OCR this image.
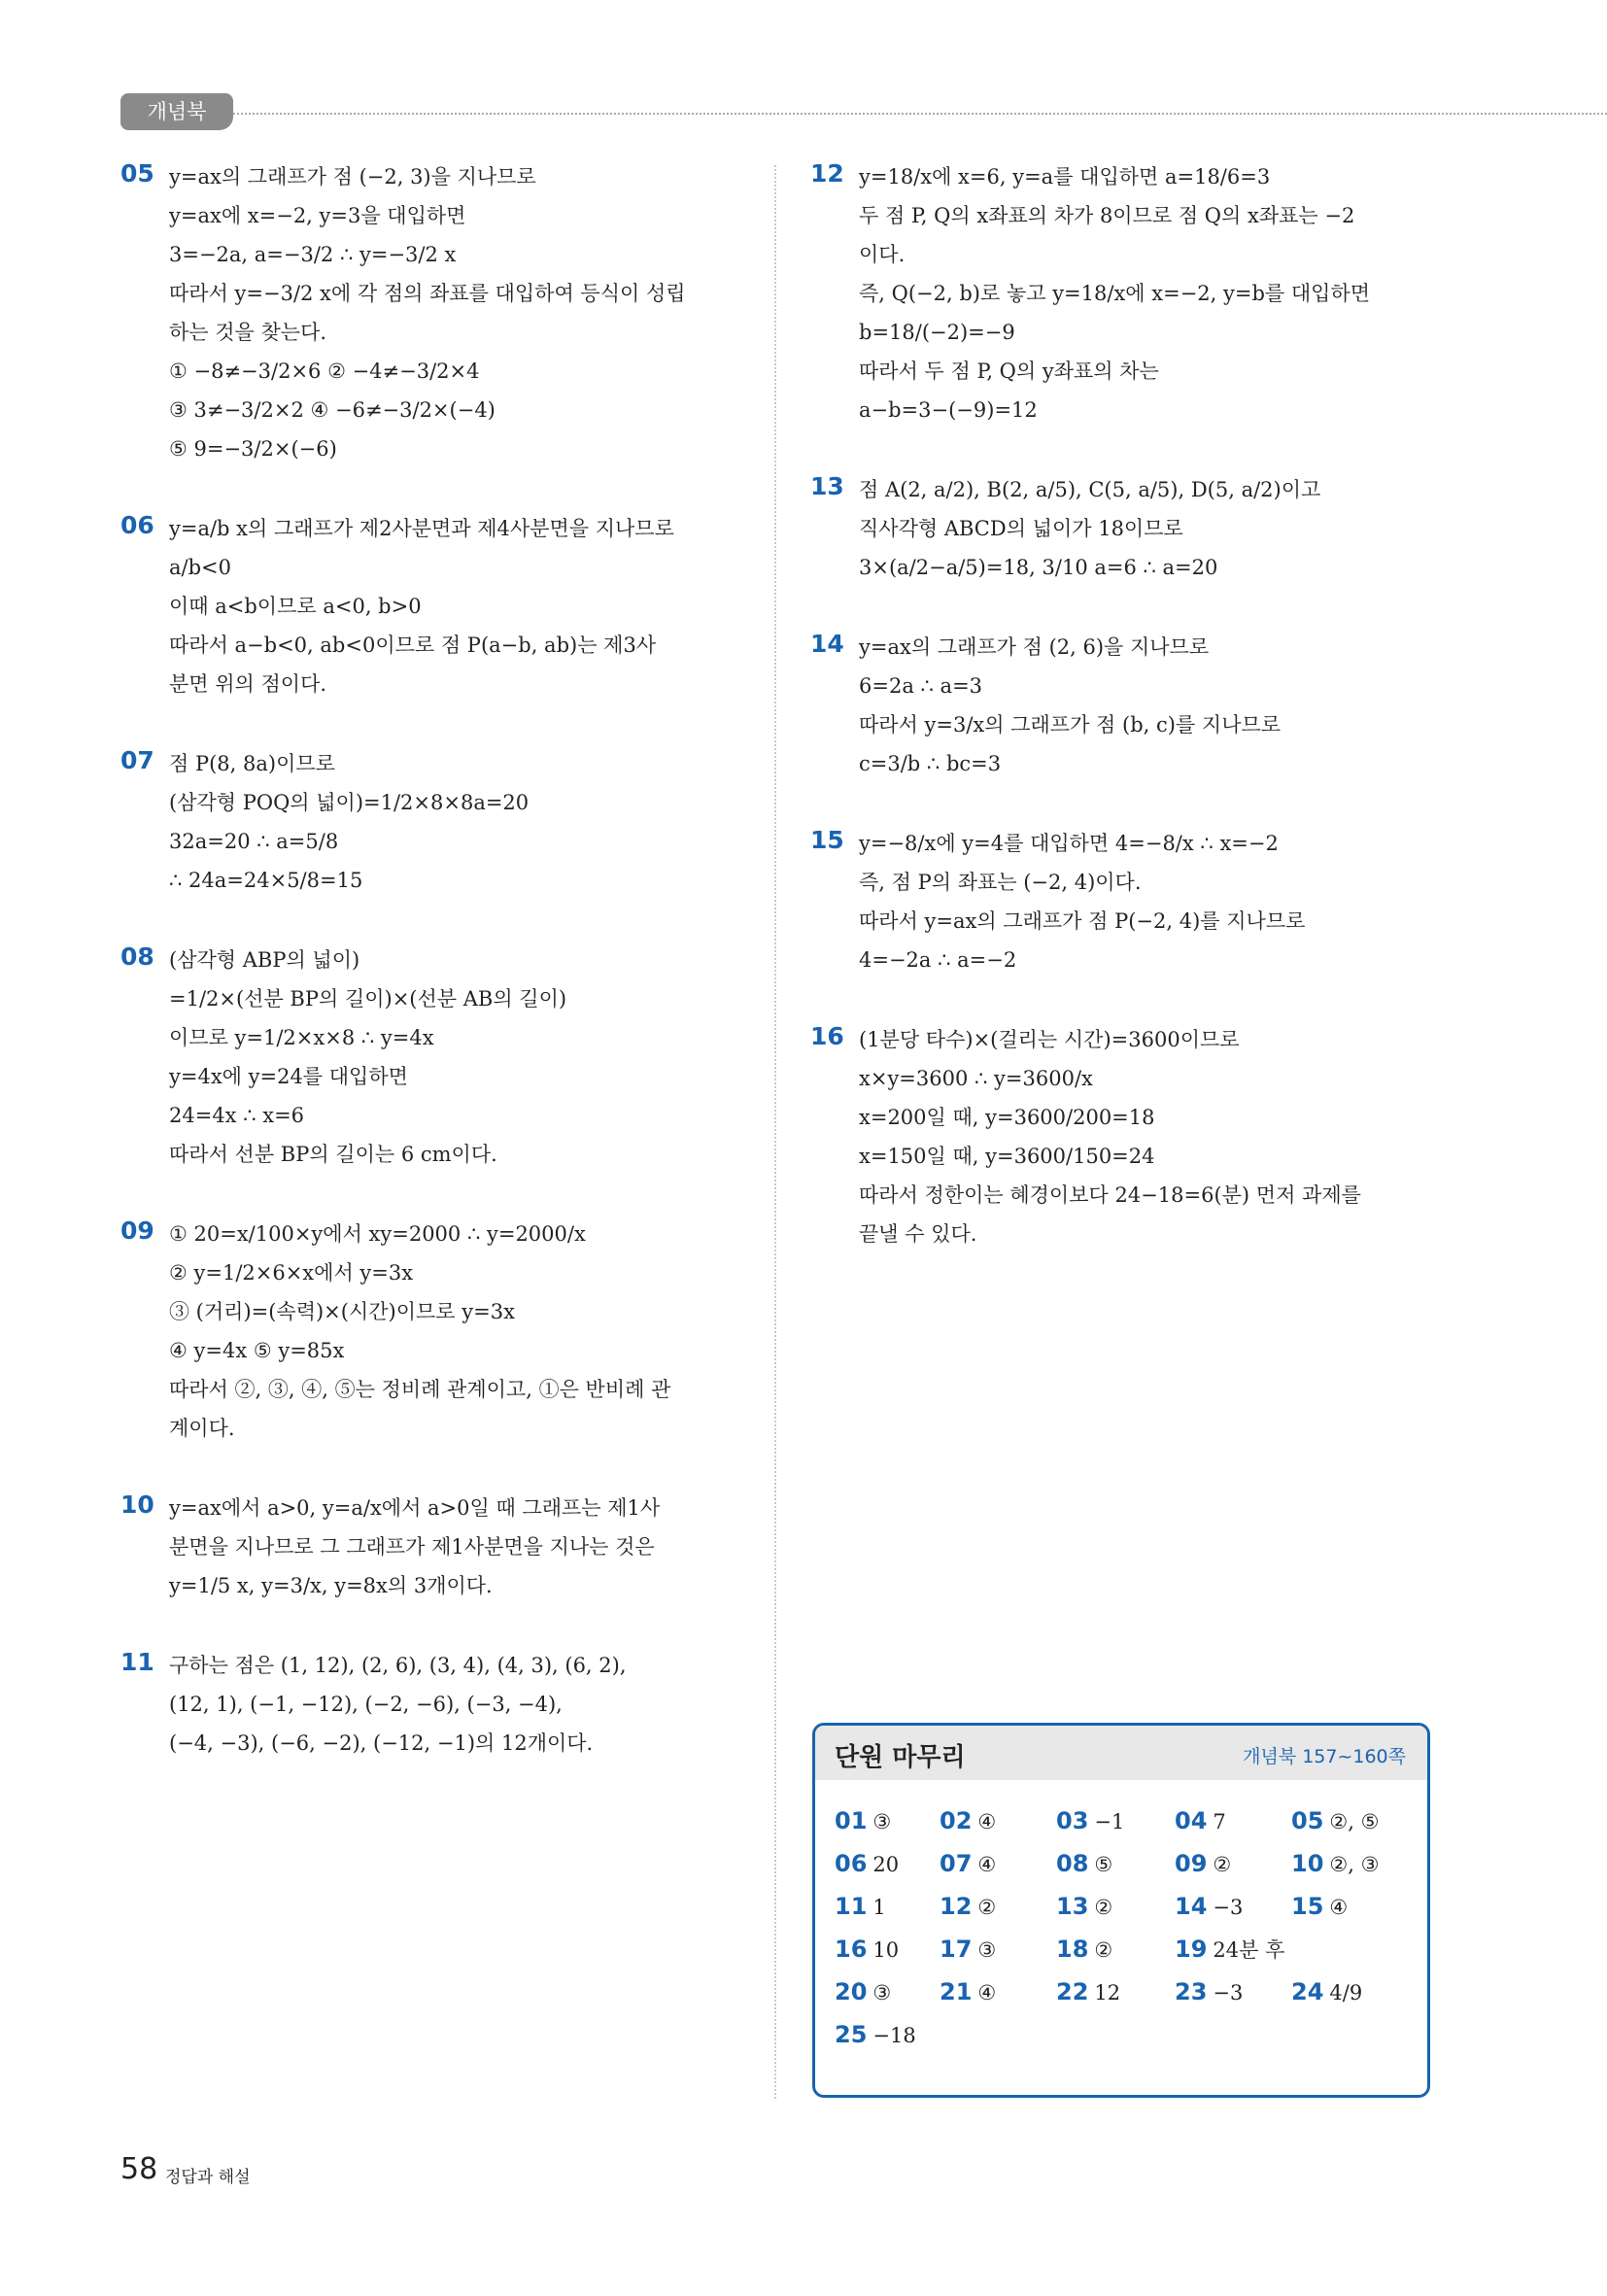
개념북
05 y=ax의 그래프가 점 (−2, 3)을 지나므로
y=ax에 x=−2, y=3을 대입하면
3=−2a, a=−3/2 ∴ y=−3/2 x
따라서 y=−3/2 x에 각 점의 좌표를 대입하여 등식이 성립
하는 것을 찾는다.
① −8≠−3/2×6 ② −4≠−3/2×4
③ 3≠−3/2×2 ④ −6≠−3/2×(−4)
⑤ 9=−3/2×(−6)
06 y=a/b x의 그래프가 제2사분면과 제4사분면을 지나므로
a/b<0
이때 a<b이므로 a<0, b>0
따라서 a−b<0, ab<0이므로 점 P(a−b, ab)는 제3사
분면 위의 점이다.
07 점 P(8, 8a)이므로
(삼각형 POQ의 넓이)=1/2×8×8a=20
32a=20 ∴ a=5/8
∴ 24a=24×5/8=15
08 (삼각형 ABP의 넓이)
=1/2×(선분 BP의 길이)×(선분 AB의 길이)
이므로 y=1/2×x×8 ∴ y=4x
y=4x에 y=24를 대입하면
24=4x ∴ x=6
따라서 선분 BP의 길이는 6 cm이다.
09 ① 20=x/100×y에서 xy=2000 ∴ y=2000/x
② y=1/2×6×x에서 y=3x
③ (거리)=(속력)×(시간)이므로 y=3x
④ y=4x ⑤ y=85x
따라서 ②, ③, ④, ⑤는 정비례 관계이고, ①은 반비례 관
계이다.
10 y=ax에서 a>0, y=a/x에서 a>0일 때 그래프는 제1사
분면을 지나므로 그 그래프가 제1사분면을 지나는 것은
y=1/5 x, y=3/x, y=8x의 3개이다.
11 구하는 점은 (1, 12), (2, 6), (3, 4), (4, 3), (6, 2),
(12, 1), (−1, −12), (−2, −6), (−3, −4),
(−4, −3), (−6, −2), (−12, −1)의 12개이다.
12 y=18/x에 x=6, y=a를 대입하면 a=18/6=3
두 점 P, Q의 x좌표의 차가 8이므로 점 Q의 x좌표는 −2
이다.
즉, Q(−2, b)로 놓고 y=18/x에 x=−2, y=b를 대입하면
b=18/(−2)=−9
따라서 두 점 P, Q의 y좌표의 차는
a−b=3−(−9)=12
13 점 A(2, a/2), B(2, a/5), C(5, a/5), D(5, a/2)이고
직사각형 ABCD의 넓이가 18이므로
3×(a/2−a/5)=18, 3/10 a=6 ∴ a=20
14 y=ax의 그래프가 점 (2, 6)을 지나므로
6=2a ∴ a=3
따라서 y=3/x의 그래프가 점 (b, c)를 지나므로
c=3/b ∴ bc=3
15 y=−8/x에 y=4를 대입하면 4=−8/x ∴ x=−2
즉, 점 P의 좌표는 (−2, 4)이다.
따라서 y=ax의 그래프가 점 P(−2, 4)를 지나므로
4=−2a ∴ a=−2
16 (1분당 타수)×(걸리는 시간)=3600이므로
x×y=3600 ∴ y=3600/x
x=200일 때, y=3600/200=18
x=150일 때, y=3600/150=24
따라서 정한이는 혜경이보다 24−18=6(분) 먼저 과제를
끝낼 수 있다.
단원 마무리	개념북 157~160쪽
01 ③ 02 ④	03 −1 04 7	05 ②, ⑤
06 20 07 ④	08 ⑤	09 ②	10 ②, ③
11 1 12 ②	13 ②	14 −3 15 ④
16 10 17 ③	18 ②	19 24분 후
20 ③ 21 ④	22 12 23 −3 24 4/9
25 −18
58 정답과 해설
